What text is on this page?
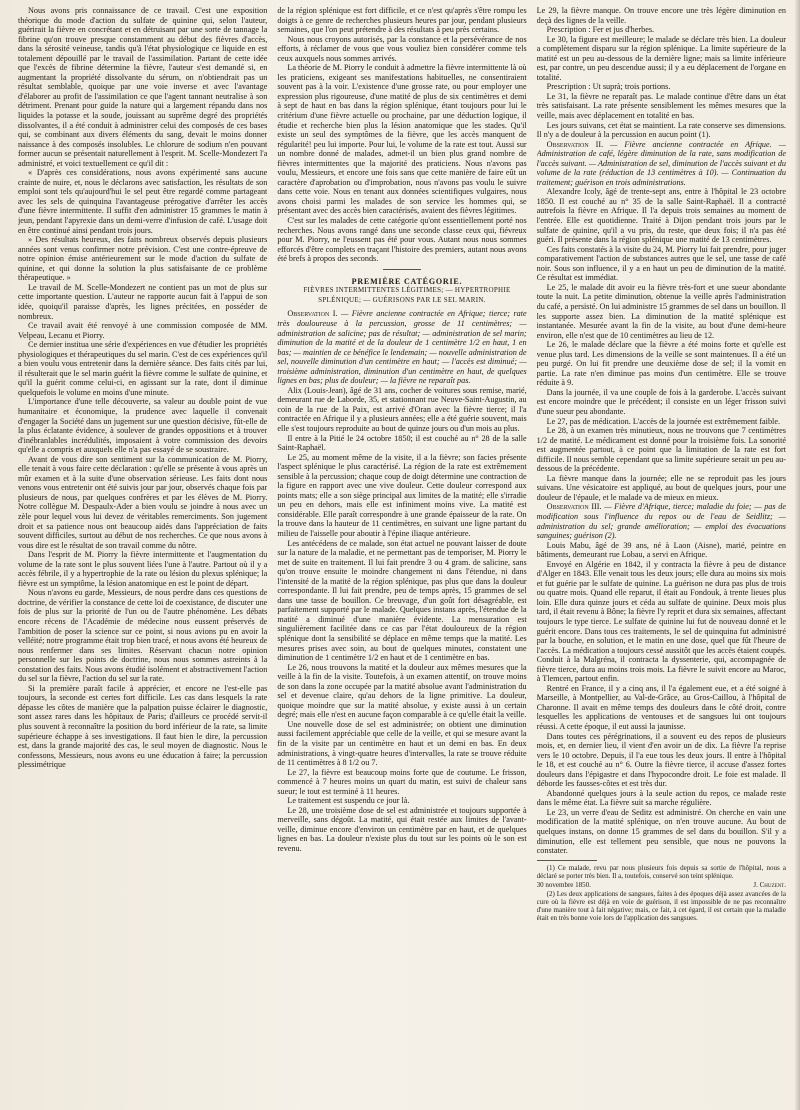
Nous avons pris connaissance de ce travail. C'est une exposition théorique du mode d'action du sulfate de quinine qui, selon l'auteur, guérirait la fièvre en concrétant et en détruisant par une sorte de tannage la fibrine qu'on trouve presque constamment au début des fièvres d'accès, dans la sérosité veineuse, tandis qu'à l'état physiologique ce liquide en est totalement dépouillé par le travail de l'assimilation. Partant de cette idée que l'excès de fibrine détermine la fièvre, l'auteur s'est demandé si, en augmentant la propriété dissolvante du sérum, on n'obtiendrait pas un résultat semblable, quoique par une voie inverse et avec l'avantage d'élaborer au profit de l'assimilation ce que l'agent tannant neutralise à son détriment. Prenant pour guide la nature qui a largement répandu dans nos liquides la potasse et la soude, jouissant au suprême degré des propriétés dissolvantes, il a été conduit à administrer celui des composés de ces bases qui, se combinant aux divers éléments du sang, devait le moins donner naissance à des composés insolubles. Le chlorure de sodium n'en pouvant former aucun se présentait naturellement à l'esprit. M. Scelle-Mondezert l'a administré, et voici textuellement ce qu'il dit :

« D'après ces considérations, nous avons expérimenté sans aucune crainte de nuire, et, nous le déclarons avec satisfaction, les résultats de son emploi sont tels qu'aujourd'hui le sel peut être regardé comme partageant avec les sels de quinquina l'avantageuse prérogative d'arrêter les accès d'une fièvre intermittente. Il suffit d'en administrer 15 grammes le matin à jeun, pendant l'apyrexie dans un demi-verre d'infusion de café. L'usage doit en être continué ainsi pendant trois jours.

» Des résultats heureux, des faits nombreux observés depuis plusieurs années sont venus confirmer notre prévision. C'est une contre-épreuve de notre opinion émise antérieurement sur le mode d'action du sulfate de quinine, et qui donne la solution la plus satisfaisante de ce problème thérapeutique. »

Le travail de M. Scelle-Mondezert ne contient pas un mot de plus sur cette importante question. L'auteur ne rapporte aucun fait à l'appui de son idée, quoiqu'il paraisse d'après, les lignes précitées, en posséder de nombreux.

Ce travail avait été renvoyé à une commission composée de MM. Velpeau, Lecanu et Piorry.

Ce dernier institua une série d'expériences en vue d'étudier les propriétés physiologiques et thérapeutiques du sel marin. C'est de ces expériences qu'il a bien voulu vous entretenir dans la dernière séance. Des faits cités par lui, il résulterait que le sel marin guérit la fièvre comme le sulfate de quinine, et qu'il la guérit comme celui-ci, en agissant sur la rate, dont il diminue quelquefois le volume en moins d'une minute.

L'importance d'une telle découverte, sa valeur au double point de vue humanitaire et économique, la prudence avec laquelle il convenait d'engager la Société dans un jugement sur une question décisive, fût-elle de la plus éclatante évidence, à soulever de grandes oppositions et à trouver d'inébranlables incrédulités, imposaient à votre commission des devoirs qu'elle a compris et auxquels elle n'a pas essayé de se soustraire.

Avant de vous dire son sentiment sur la communication de M. Piorry, elle tenait à vous faire cette déclaration : qu'elle se présente à vous après un mûr examen et à la suite d'une observation sérieuse. Les faits dont nous venons vous entretenir ont été suivis jour par jour, observés chaque fois par plusieurs de nous, par quelques confrères et par les élèves de M. Piorry. Notre collègue M. Despaulx-Ader a bien voulu se joindre à nous avec un zèle pour lequel vous lui devez de véritables remerciments. Son jugement droit et sa patience nous ont beaucoup aidés dans l'appréciation de faits souvent difficiles, surtout au début de nos recherches. Ce que nous avons à vous dire est le résultat de son travail comme du nôtre.

Dans l'esprit de M. Piorry la fièvre intermittente et l'augmentation du volume de la rate sont le plus souvent liées l'une à l'autre. Partout où il y a accès fébrile, il y a hypertrophie de la rate ou lésion du plexus splénique; la fièvre est un symptôme, la lésion anatomique en est le point de départ.

Nous n'avons eu garde, Messieurs, de nous perdre dans ces questions de doctrine, de vérifier la constance de cette loi de coexistance, de discuter une fois de plus sur la priorité de l'un ou de l'autre phénomène. Les débats encore récens de l'Académie de médecine nous eussent préservés de l'ambition de poser la science sur ce point, si nous avions pu en avoir la velléité; notre programme était trop bien tracé, et nous avons été heureux de nous renfermer dans ses limites. Réservant chacun notre opinion personnelle sur les points de doctrine, nous nous sommes astreints à la constation des faits. Nous avons étudié isolément et abstractivement l'action du sel sur la fièvre, l'action du sel sur la rate.

Si la première paraît facile à apprécier, et encore ne l'est-elle pas toujours, la seconde est certes fort difficile. Les cas dans lesquels la rate dépasse les côtes de manière que la palpation puisse éclairer le diagnostic, sont assez rares dans les hôpitaux de Paris; d'ailleurs ce procédé servit-il plus souvent à reconnaître la position du bord inférieur de la rate, sa limite supérieure échappe à ses investigations. Il faut bien le dire, la percussion est, dans la grande majorité des cas, le seul moyen de diagnostic. Nous le confessons, Messieurs, nous avons eu une éducation à faire; la percussion plessimétrique

de la région splénique est fort difficile, et ce n'est qu'après s'être rompu les doigts à ce genre de recherches plusieurs heures par jour, pendant plusieurs semaines, que l'on peut prétendre à des résultats à peu près certains.

Nous nous croyons autorisés, par la constance et la persévérance de nos efforts, à réclamer de vous que vous vouliez bien considérer comme tels ceux auxquels nous sommes arrivés.

La théorie de M. Piorry le conduit à admettre la fièvre intermittente là où les praticiens, exigeant ses manifestations habituelles, ne consentiraient souvent pas à la voir. L'existence d'une grosse rate, ou pour employer une expression plus rigoureuse, d'une matité de plus de six centimètres et demi à sept de haut en bas dans la région splénique, étant toujours pour lui le critérium d'une fièvre actuelle ou prochaine, par une déduction logique, il étudie et recherche bien plus la lésion anatomique que les stades. Qu'il existe un seul des symptômes de la fièvre, que les accès manquent de régularité! peu lui importe. Pour lui, le volume de la rate est tout. Aussi sur un nombre donné de malades, admet-il un bien plus grand nombre de fièvres intermittentes que la majorité des praticiens. Nous n'avons pas voulu, Messieurs, et encore une fois sans que cette manière de faire eût un caractère d'aprobation ou d'improbation, nous n'avons pas voulu le suivre dans cette voie. Nous en tenant aux données scientifiques vulgaires, nous avons choisi parmi les malades de son service les hommes qui, se présentant avec des accès bien caractérisés, avaient des fièvres légitimes.

C'est sur les malades de cette catégorie qu'ont essentiellement porté nos recherches. Nous avons rangé dans une seconde classe ceux qui, fiévreux pour M. Piorry, ne l'eussent pas été pour vous. Autant nous nous sommes efforcés d'être complets en traçant l'histoire des premiers, autant nous avons été brefs à propos des seconds.

PREMIÈRE CATÉGORIE.

FIÈVRES INTERMITTENTES LÉGITIMES; — HYPERTROPHIE SPLÉNIQUE; — GUÉRISONS PAR LE SEL MARIN.

Observation I. — Fièvre ancienne contractée en Afrique; tierce; rate très douloureuse à la percussion, grosse de 11 centimètres; — administration de salicine; pas de résultat; — administration de sel marin; diminution de la matité et de la douleur de 1 centimètre 1/2 en haut, 1 en bas; — maintien de ce bénéfice le lendemain; — nouvelle administration de sel, nouvelle diminution d'un centimètre en haut; — l'accès est diminué; — troisième administration, diminution d'un centimètre en haut, de quelques lignes en bas; plus de douleur; — la fièvre ne reparaît pas.

Alix (Louis-Jean), âgé de 31 ans, cocher de voitures sous remise, marié, demeurant rue de Laborde, 35, et stationnant rue Neuve-Saint-Augustin, au coin de la rue de la Paix, est arrivé d'Oran avec la fièvre tierce; il l'a contractée en Afrique il y a plusieurs années; elle a été guérie souvent, mais elle s'est toujours reproduite au bout de quinze jours ou d'un mois au plus.

Il entre à la Pitié le 24 octobre 1850; il est couché au n° 28 de la salle Saint-Raphaël.

Le 25, au moment même de la visite, il a la fièvre; son facies présente l'aspect splénique le plus caractérisé. La région de la rate est extrêmement sensible à la percussion; chaque coup de doigt détermine une contraction de la figure en rapport avec une vive douleur. Cette douleur correspond aux points mats; elle a son siège principal aux limites de la matité; elle s'irradie un peu en dehors, mais elle est infiniment moins vive. La matité est considérable. Elle paraît correspondre à une grande épaisseur de la rate. On la trouve dans la hauteur de 11 centimètres, en suivant une ligne partant du milieu de l'aisselle pour aboutir à l'épine iliaque antérieure.

Les antécédens de ce malade, son état actuel ne pouvant laisser de doute sur la nature de la maladie, et ne permettant pas de temporiser, M. Piorry le met de suite en traitement. Il lui fait prendre 3 ou 4 gram. de salicine, sans qu'on trouve ensuite le moindre changement ni dans l'étendue, ni dans l'intensité de la matité de la région splénique, pas plus que dans la douleur correspondante. Il lui fait prendre, peu de temps après, 15 grammes de sel dans une tasse de bouillon. Ce breuvage, d'un goût fort désagréable, est parfaitement supporté par le malade. Quelques instans après, l'étendue de la matité a diminué d'une manière évidente. La mensuration est singulièrement facilitée dans ce cas par l'état douloureux de la région splénique dont la sensibilité se déplace en même temps que la matité. Les mesures prises avec soin, au bout de quelques minutes, constatent une diminution de 1 centimètre 1/2 en haut et de 1 centimètre en bas.

Le 26, nous trouvons la matité et la douleur aux mêmes mesures que la veille à la fin de la visite. Toutefois, à un examen attentif, on trouve moins de son dans la zone occupée par la matité absolue avant l'administration du sel et devenue claire, qu'au dehors de la ligne primitive. La douleur, quoique moindre que sur la matité absolue, y existe aussi à un certain degré; mais elle n'est en aucune façon comparable à ce qu'elle était la veille.

Une nouvelle dose de sel est administrée; on obtient une diminution aussi facilement appréciable que celle de la veille, et qui se mesure avant la fin de la visite par un centimètre en haut et un demi en bas. En deux administrations, à vingt-quatre heures d'intervalles, la rate se trouve réduite de 11 centimètres à 8 1/2 ou 7.

Le 27, la fièvre est beaucoup moins forte que de coutume. Le frisson, commencé à 7 heures moins un quart du matin, est suivi de chaleur sans sueur; le tout est terminé à 11 heures.

Le traitement est suspendu ce jour là.

Le 28, une troisième dose de sel est administrée et toujours supportée à merveille, sans dégoût. La matité, qui était restée aux limites de l'avant-veille, diminue encore d'environ un centimètre par en haut, et de quelques lignes en bas. La douleur n'existe plus du tout sur les points où le son est revenu.

Le 29, la fièvre manque. On trouve encore une très légère diminution en deçà des lignes de la veille.

Prescription : Fer et jus d'herbes.

Le 30, la figure est meilleure; le malade se déclare très bien. La douleur a complètement disparu sur la région splénique. La limite supérieure de la matité est un peu au-dessous de la dernière ligne; mais sa limite inférieure est, par contre, un peu descendue aussi; il y a eu déplacement de l'organe en totalité.

Prescription : Ut suprà; trois portions.

Le 31, la fièvre ne reparaît pas. Le malade continue d'être dans un état très satisfaisant. La rate présente sensiblement les mêmes mesures que la veille, mais avec déplacement en totalité en bas.

Les jours suivans, cet état se maintient. La rate conserve ses dimensions. Il n'y a de douleur à la percussion en aucun point (1).

Observation II. — Fièvre ancienne contractée en Afrique. — Administration de café, légère diminution de la rate, sans modification de l'accès suivant. — Administration de sel, diminution de l'accès suivant et du volume de la rate (réduction de 13 centimètres à 10). — Continuation du traitement; guérison en trois administrations.

Alexandre Icoly, âgé de trente-sept ans, entre à l'hôpital le 23 octobre 1850. Il est couché au n° 35 de la salle Saint-Raphaël. Il a contracté autrefois la fièvre en Afrique. Il l'a depuis trois semaines au moment de l'entrée. Elle est quotidienne. Traité à Dijon pendant trois jours par le sulfate de quinine, qu'il a vu pris, du reste, que deux fois; il n'a pas été guéri. Il présente dans la région splénique une matité de 13 centimètres.

Ces faits constatés à la visite du 24, M. Piorry lui fait prendre, pour juger comparativement l'action de substances autres que le sel, une tasse de café noir. Sous son influence, il y a en haut un peu de diminution de la matité. Ce résultat est immédiat.

Le 25, le malade dit avoir eu la fièvre très-fort et une sueur abondante toute la nuit. La petite diminution, obtenue la veille après l'administration du café, a persisté. On lui administre 15 grammes de sel dans un bouillon. Il les supporte assez bien. La diminution de la matité splénique est instantanée. Mesurée avant la fin de la visite, au bout d'une demi-heure environ, elle n'est que de 10 centimètres au lieu de 12.

Le 26, le malade déclare que la fièvre a été moins forte et qu'elle est venue plus tard. Les dimensions de la veille se sont maintenues. Il a été un peu purgé. On lui fit prendre une deuxième dose de sel; il la vomit en partie. La rate n'en diminue pas moins d'un centimètre. Elle se trouve réduite à 9.

Dans la journée, il va une couple de fois à la garderobe. L'accès suivant est encore moindre que le précédent; il consiste en un léger frisson suivi d'une sueur peu abondante.

Le 27, pas de médication. L'accès de la journée est extrêmement faible.

Le 28, à un examen très minutieux, nous ne trouvons que 7 centimètres 1/2 de matité. Le médicament est donné pour la troisième fois. La sonorité est augmentée partout, à ce point que la limitation de la rate est fort difficile. Il nous semble cependant que sa limite supérieure serait un peu au-dessous de la précédente.

La fièvre manque dans la journée; elle ne se reproduit pas les jours suivans. Une vésicatoire est appliqué, au bout de quelques jours, pour une douleur de l'épaule, et le malade va de mieux en mieux.

Observation III. — Fièvre d'Afrique, tierce; maladie du foie; — pas de modification sous l'influence du repos ou de l'eau de Seidlitz; — administration du sel; grande amélioration; — emploi des évacuations sanguines; guérison (2).

Louis Mabu, âgé de 39 ans, né à Laon (Aisne), marié, peintre en bâtiments, demeurant rue Lobau, a servi en Afrique.

Envoyé en Algérie en 1842, il y contracta la fièvre à peu de distance d'Alger en 1843. Elle venait tous les deux jours; elle dura au moins six mois et fut guérie par le sulfate de quinine. La guérison ne dura pas plus de trois ou quatre mois. Quand elle reparut, il était au Fondouk, à trente lieues plus loin. Elle dura quinze jours et céda au sulfate de quinine. Deux mois plus tard, il était revenu à Bône; la fièvre l'y reprit et dura six semaines, affectant toujours le type tierce. Le sulfate de quinine lui fut de nouveau donné et le guérit encore. Dans tous ces traitements, le sel de quinquina fut administré par la bouche, en solution, et le matin en une dose, quel que fût l'heure de l'accès. La médication a toujours cessé aussitôt que les accès étaient coupés. Conduit à la Malgréna, il contracta la dyssenterie, qui, accompagnée de fièvre tierce, dura au moins trois mois. La fièvre le suivit encore au Maroc, à Tlemcen, partout enfin.

Rentré en France, il y a cinq ans, il l'a également eue, et a été soigné à Marseille, à Montpellier, au Val-de-Grâce, au Gros-Caillou, à l'hôpital de Charonne. Il avait en même temps des douleurs dans le côté droit, contre lesquelles les applications de ventouses et de sangsues lui ont toujours réussi. A cette époque, il eut aussi la jaunisse.

Dans toutes ces pérégrinations, il a souvent eu des repos de plusieurs mois, et, en dernier lieu, il vient d'en avoir un de dix. La fièvre l'a reprise vers le 10 octobre. Depuis, il l'a eue tous les deux jours. Il entre à l'hôpital le 18, et est couché au n° 6. Outre la fièvre tierce, il accuse d'assez fortes douleurs dans l'épigastre et dans l'hypocondre droit. Le foie est malade. Il déborde les fausses-côtes et est très dur.

Abandonné quelques jours à la seule action du repos, ce malade reste dans le même état. La fièvre suit sa marche régulière.

Le 23, un verre d'eau de Seditz est administré. On cherche en vain une modification de la matité splénique, on n'en trouve aucune. Au bout de quelques instans, on donne 15 grammes de sel dans du bouillon. S'il y a diminution, elle est tellement peu sensible, que nous ne pouvons la constater.

(1) Ce malade, revu par nous plusieurs fois depuis sa sortie de l'hôpital, nous a déclaré se porter très bien. Il a, toutefois, conservé son teint splénique.

30 novembre 1850.	J. Chuzent.

(2) Les deux applications de sangsues, faites à des époques déjà assez avancées de la cure où la fièvre est déjà en voie de guérison, il est impossible de ne pas reconnaître d'une manière tout à fait négative; mais, ce fait, à cet égard, il est certain que la maladie était en très bonne voie lors de l'application des sangsues.
